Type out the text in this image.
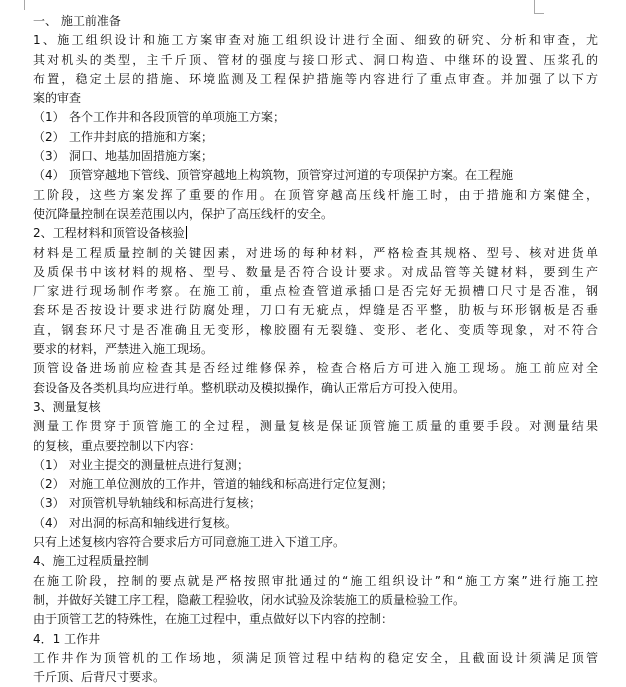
一、 施工前准备
1、施工组织设计和施工方案审查对施工组织设计进行全面、细致的研究、分析和审查，尤
其对机头的类型，主千斤顶、管材的强度与接口形式、洞口构造、中继环的设置、压浆孔的
布置，稳定土层的措施、环境监测及工程保护措施等内容进行了重点审查。并加强了以下方
案的审查
（1） 各个工作井和各段顶管的单项施工方案；
（2） 工作井封底的措施和方案；
（3） 洞口、地基加固措施方案；
（4） 顶管穿越地下管线、顶管穿越地上构筑物，顶管穿过河道的专项保护方案。在工程施
工阶段，这些方案发挥了重要的作用。在顶管穿越高压线杆施工时，由于措施和方案健全，
使沉降量控制在误差范围以内，保护了高压线杆的安全。
2、工程材料和顶管设备核验
材料是工程质量控制的关键因素，对进场的每种材料，严格检查其规格、型号、核对进货单
及质保书中该材料的规格、型号、数量是否符合设计要求。对成品管等关键材料，要到生产
厂家进行现场制作考察。在施工前，重点检查管道承插口是否完好无损槽口尺寸是否准，钢
套环是否按设计要求进行防腐处理，刀口有无疵点，焊缝是否平整，肋板与环形钢板是否垂
直，钢套环尺寸是否准确且无变形，橡胶圈有无裂缝、变形、老化、变质等现象，对不符合
要求的材料，严禁进入施工现场。
顶管设备进场前应检查其是否经过维修保养，检查合格后方可进入施工现场。施工前应对全
套设备及各类机具均应进行单。整机联动及模拟操作，确认正常后方可投入使用。
3、测量复核
测量工作贯穿于顶管施工的全过程，测量复核是保证顶管施工质量的重要手段。对测量结果
的复核，重点要控制以下内容：
（1） 对业主提交的测量桩点进行复测；
（2） 对施工单位测放的工作井，管道的轴线和标高进行定位复测；
（3） 对顶管机导轨轴线和标高进行复核；
（4） 对出洞的标高和轴线进行复核。
只有上述复核内容符合要求后方可同意施工进入下道工序。
4、施工过程质量控制
在施工阶段，控制的要点就是严格按照审批通过的“施工组织设计”和“施工方案”进行施工控
制，并做好关键工序工程，隐蔽工程验收，闭水试验及涂装施工的质量检验工作。
由于顶管工艺的特殊性，在施工过程中，重点做好以下内容的控制：
4．1 工作井
工作井作为顶管机的工作场地，须满足顶管过程中结构的稳定安全，且截面设计须满足顶管
千斤顶、后背尺寸要求。
